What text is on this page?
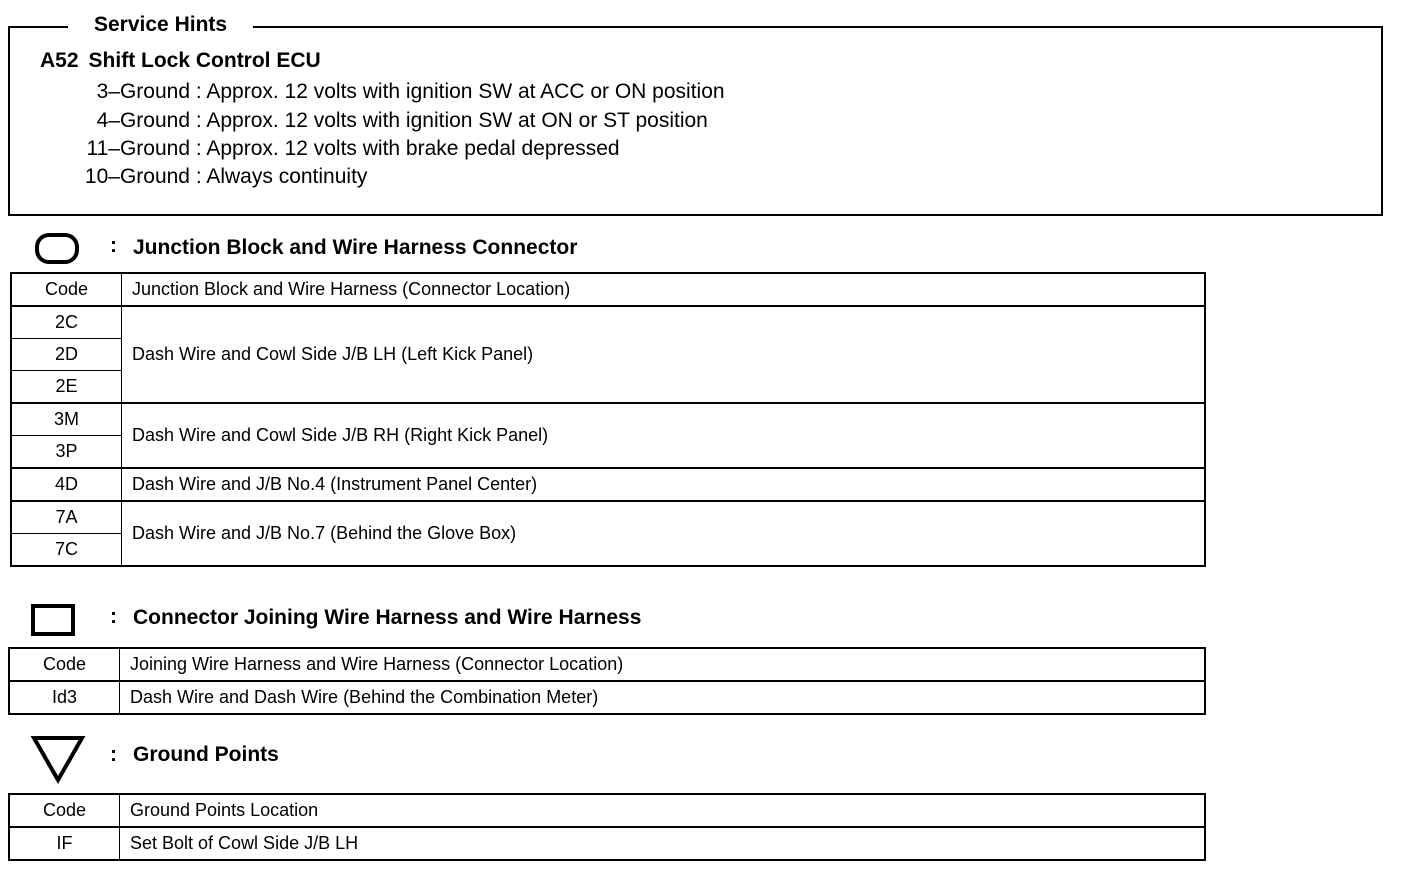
Service Hints
A52 Shift Lock Control ECU
3–Ground : Approx. 12 volts with ignition SW at ACC or ON position
4–Ground : Approx. 12 volts with ignition SW at ON or ST position
11–Ground : Approx. 12 volts with brake pedal depressed
10–Ground : Always continuity
: Junction Block and Wire Harness Connector
Code	Junction Block and Wire Harness (Connector Location)
2C	Dash Wire and Cowl Side J/B LH (Left Kick Panel)
2D	
2E	
3M	Dash Wire and Cowl Side J/B RH (Right Kick Panel)
3P	
4D	Dash Wire and J/B No.4 (Instrument Panel Center)
7A	Dash Wire and J/B No.7 (Behind the Glove Box)
7C	
: Connector Joining Wire Harness and Wire Harness
Code	Joining Wire Harness and Wire Harness (Connector Location)
Id3	Dash Wire and Dash Wire (Behind the Combination Meter)
: Ground Points
Code	Ground Points Location
IF	Set Bolt of Cowl Side J/B LH
